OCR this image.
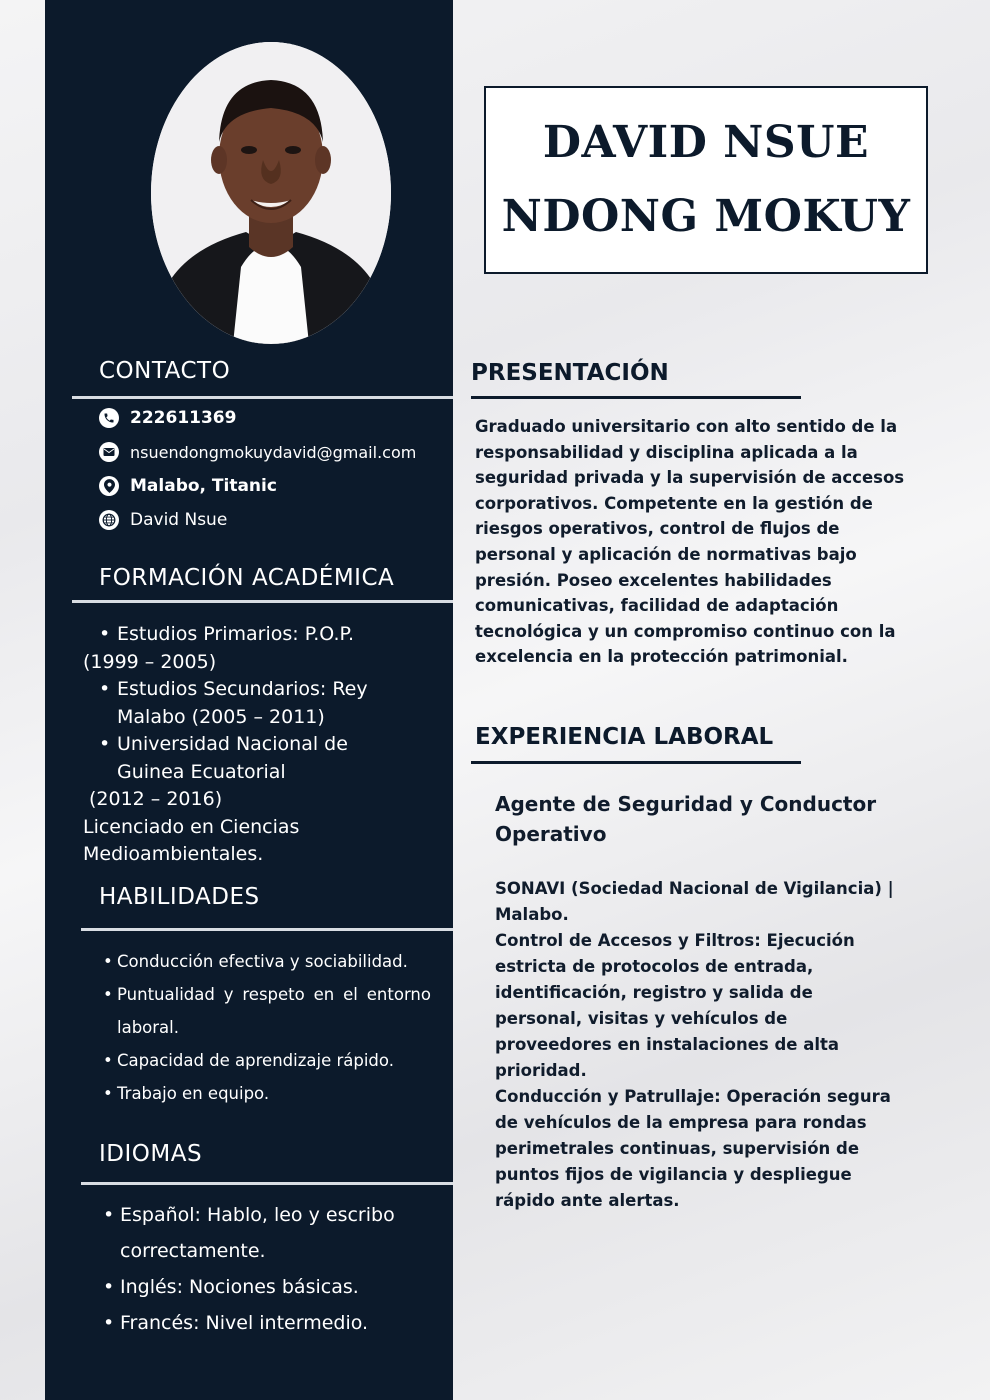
CONTACTO
222611369
nsuendongmokuydavid@gmail.com
Malabo, Titanic
David Nsue
FORMACIÓN ACADÉMICA
• Estudios Primarios: P.O.P.
(1999 – 2005)
• Estudios Secundarios: Rey
Malabo (2005 – 2011)
• Universidad Nacional de
Guinea Ecuatorial
(2012 – 2016)
Licenciado en Ciencias
Medioambientales.
HABILIDADES
• Conducción efectiva y sociabilidad.
• Puntualidad y respeto en el entorno laboral.
• Capacidad de aprendizaje rápido.
• Trabajo en equipo.
IDIOMAS
• Español: Hablo, leo y escribo correctamente.
• Inglés: Nociones básicas.
• Francés: Nivel intermedio.
DAVID NSUE
NDONG MOKUY
PRESENTACIÓN

Graduado universitario con alto sentido de la responsabilidad y disciplina aplicada a la seguridad privada y la supervisión de accesos corporativos. Competente en la gestión de riesgos operativos, control de flujos de personal y aplicación de normativas bajo presión. Poseo excelentes habilidades comunicativas, facilidad de adaptación tecnológica y un compromiso continuo con la excelencia en la protección patrimonial.

EXPERIENCIA LABORAL
Agente de Seguridad y Conductor Operativo

SONAVI (Sociedad Nacional de Vigilancia) | Malabo.

Control de Accesos y Filtros: Ejecución estricta de protocolos de entrada, identificación, registro y salida de personal, visitas y vehículos de proveedores en instalaciones de alta prioridad.

Conducción y Patrullaje: Operación segura de vehículos de la empresa para rondas perimetrales continuas, supervisión de puntos fijos de vigilancia y despliegue rápido ante alertas.
